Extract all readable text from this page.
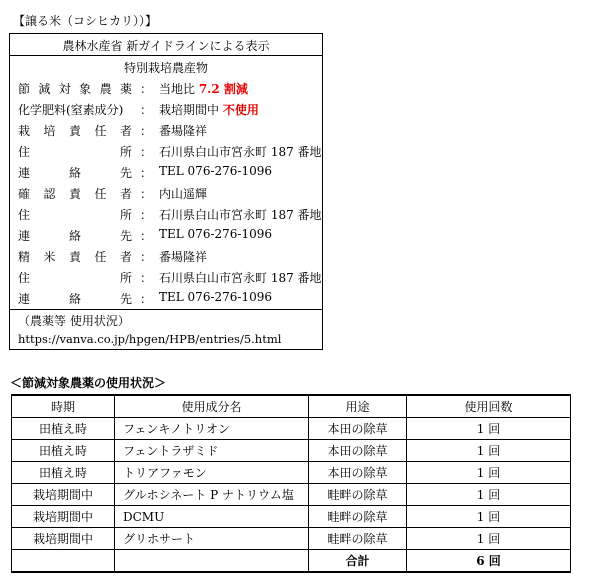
【譲る米（コシヒカリ））】
農林水産省 新ガイドラインによる表示
特別栽培農産物
節 減 対 象 農 薬 ： 当地比 7.2 割減
化学肥料(窒素成分) ： 栽培期間中 不使用
栽 培 責 任 者 ： 番場隆祥
住	所 ： 石川県白山市宮永町 187 番地
連	絡	先 ： TEL 076-276-1096
確 認 責 任 者 ： 内山遥輝
住	所 ： 石川県白山市宮永町 187 番地
連	絡	先 ： TEL 076-276-1096
精 米 責 任 者 ： 番場隆祥
住	所 ： 石川県白山市宮永町 187 番地
連	絡	先 ： TEL 076-276-1096
（農薬等 使用状況）
https://vanva.co.jp/hpgen/HPB/entries/5.html
＜節減対象農薬の使用状況＞
時期	使用成分名	用途	使用回数
田植え時	フェンキノトリオン	本田の除草	1 回
田植え時	フェントラザミド	本田の除草	1 回
田植え時	トリアファモン	本田の除草	1 回
栽培期間中	グルホシネート P ナトリウム塩	畦畔の除草	1 回
栽培期間中	DCMU	畦畔の除草	1 回
栽培期間中	グリホサート	畦畔の除草	1 回
		合計	6 回
